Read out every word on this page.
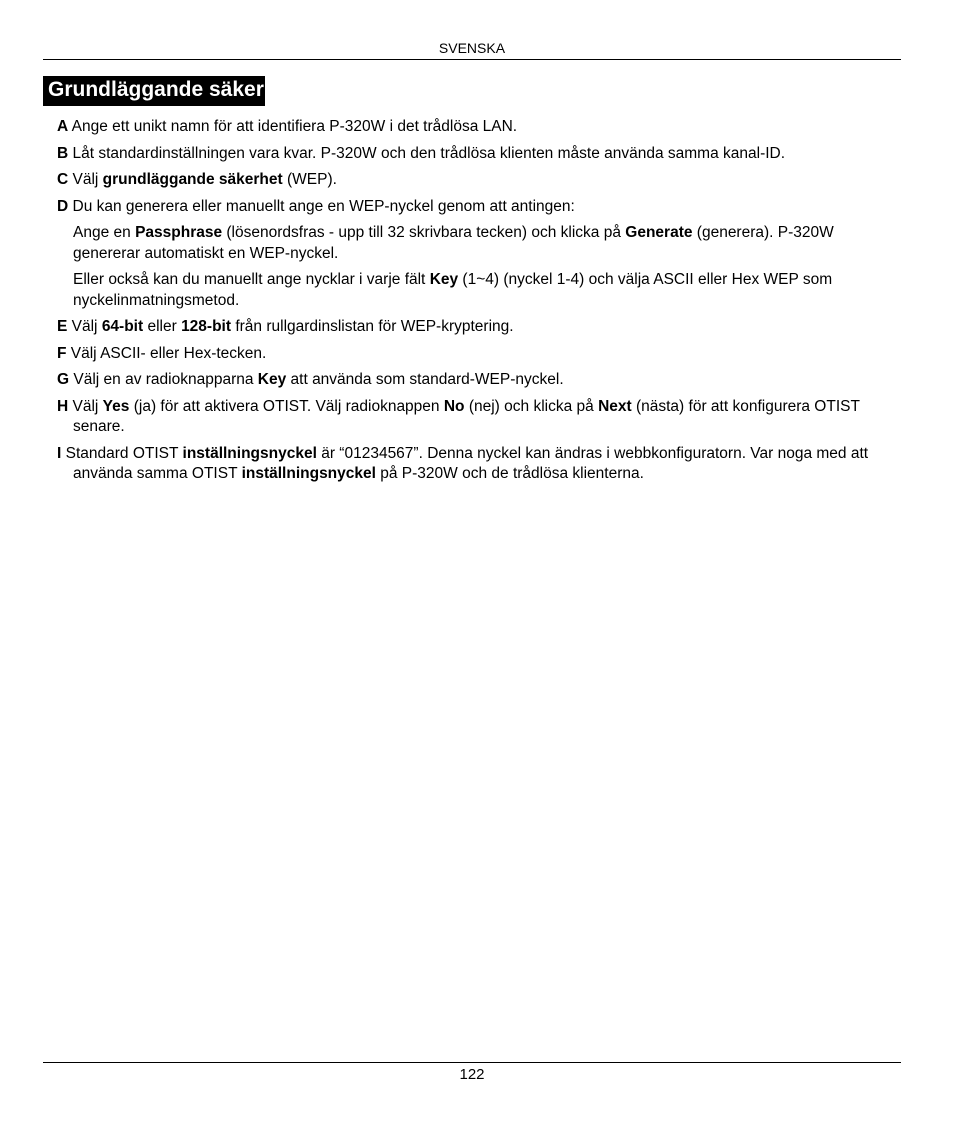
SVENSKA
Grundläggande säker
A Ange ett unikt namn för att identifiera P-320W i det trådlösa LAN.
B Låt standardinställningen vara kvar. P-320W och den trådlösa klienten måste använda samma kanal-ID.
C Välj grundläggande säkerhet (WEP).
D Du kan generera eller manuellt ange en WEP-nyckel genom att antingen:
Ange en Passphrase (lösenordsfras - upp till 32 skrivbara tecken) och klicka på Generate (generera). P-320W genererar automatiskt en WEP-nyckel.
Eller också kan du manuellt ange nycklar i varje fält Key (1~4) (nyckel 1-4) och välja ASCII eller Hex WEP som nyckelinmatningsmetod.
E Välj 64-bit eller 128-bit från rullgardinslistan för WEP-kryptering.
F Välj ASCII- eller Hex-tecken.
G Välj en av radioknapparna Key att använda som standard-WEP-nyckel.
H Välj Yes (ja) för att aktivera OTIST. Välj radioknappen No (nej) och klicka på Next (nästa) för att konfigurera OTIST senare.
I Standard OTIST inställningsnyckel är “01234567”. Denna nyckel kan ändras i webbkonfiguratorn. Var noga med att använda samma OTIST inställningsnyckel på P-320W och de trådlösa klienterna.
122
